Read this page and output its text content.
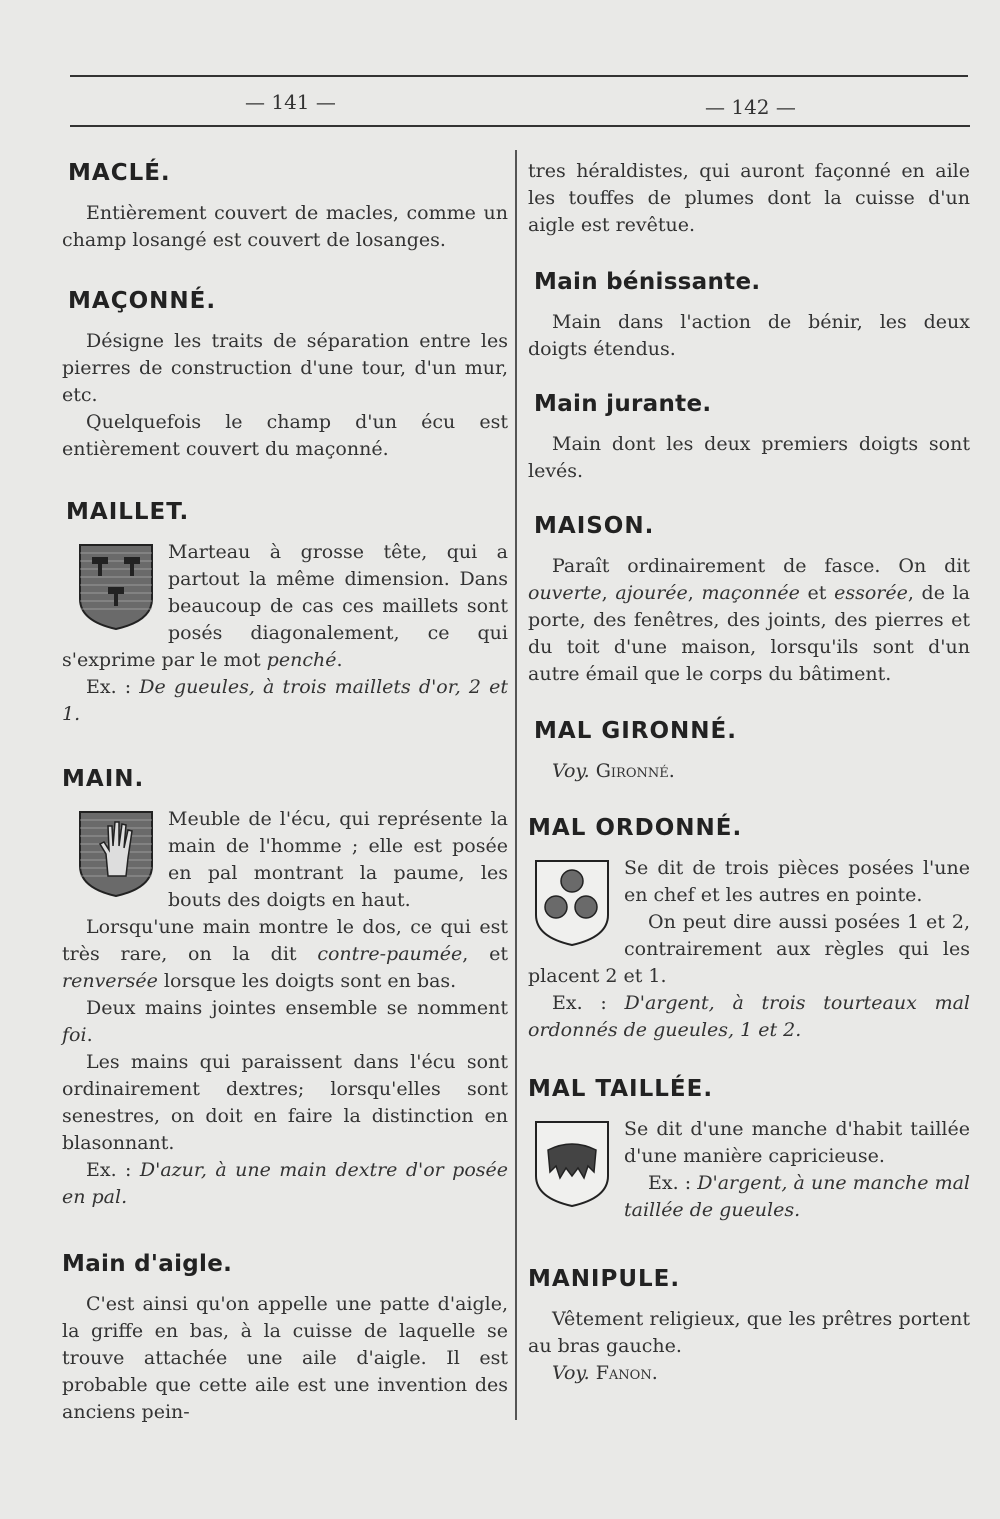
— 141 —	— 142 —
MACLÉ.

Entièrement couvert de macles, comme un champ losangé est couvert de losanges.

MAÇONNÉ.

Désigne les traits de séparation entre les pierres de construction d'une tour, d'un mur, etc.

Quelquefois le champ d'un écu est entièrement couvert du maçonné.

MAILLET.

Marteau à grosse tête, qui a partout la même dimension. Dans beaucoup de cas ces maillets sont posés diagonalement, ce qui s'exprime par le mot penché.

Ex. : De gueules, à trois maillets d'or, 2 et 1.

MAIN.

Meuble de l'écu, qui représente la main de l'homme ; elle est posée en pal montrant la paume, les bouts des doigts en haut.

Lorsqu'une main montre le dos, ce qui est très rare, on la dit contre-paumée, et renversée lorsque les doigts sont en bas.

Deux mains jointes ensemble se nomment foi.

Les mains qui paraissent dans l'écu sont ordinairement dextres; lorsqu'elles sont senestres, on doit en faire la distinction en blasonnant.

Ex. : D'azur, à une main dextre d'or posée en pal.

Main d'aigle.

C'est ainsi qu'on appelle une patte d'aigle, la griffe en bas, à la cuisse de laquelle se trouve attachée une aile d'aigle. Il est probable que cette aile est une invention des anciens pein-

tres héraldistes, qui auront façonné en aile les touffes de plumes dont la cuisse d'un aigle est revêtue.

Main bénissante.

Main dans l'action de bénir, les deux doigts étendus.

Main jurante.

Main dont les deux premiers doigts sont levés.

MAISON.

Paraît ordinairement de fasce. On dit ouverte, ajourée, maçonnée et essorée, de la porte, des fenêtres, des joints, des pierres et du toit d'une maison, lorsqu'ils sont d'un autre émail que le corps du bâtiment.

MAL GIRONNÉ.

Voy. Gironné.

MAL ORDONNÉ.

Se dit de trois pièces posées l'une en chef et les autres en pointe.

On peut dire aussi posées 1 et 2, contrairement aux règles qui les placent 2 et 1.

Ex. : D'argent, à trois tourteaux mal ordonnés de gueules, 1 et 2.

MAL TAILLÉE.

Se dit d'une manche d'habit taillée d'une manière capricieuse.

Ex. : D'argent, à une manche mal taillée de gueules.

MANIPULE.

Vêtement religieux, que les prêtres portent au bras gauche.

Voy. Fanon.
